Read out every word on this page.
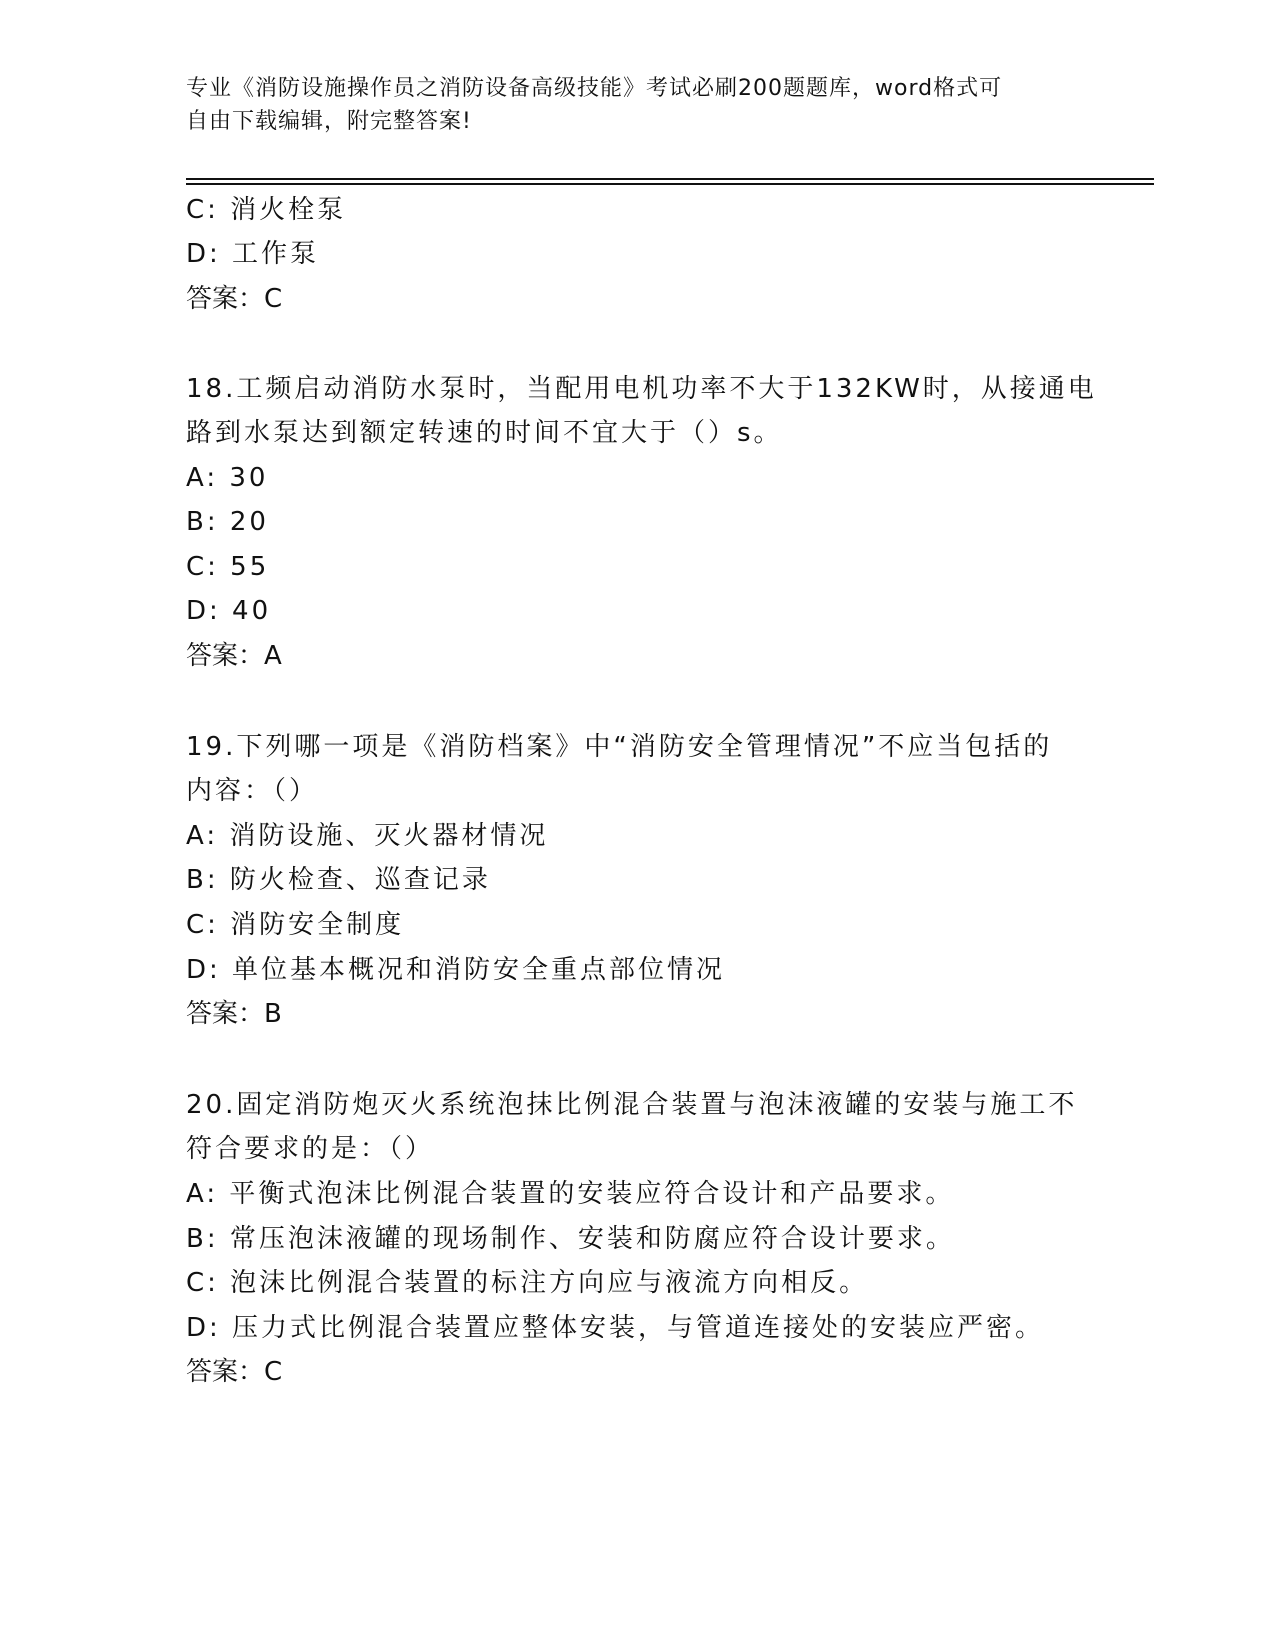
专业《消防设施操作员之消防设备高级技能》考试必刷200题题库，word格式可
自由下载编辑，附完整答案!
C: 消火栓泵
D: 工作泵
答案：C
18.工频启动消防水泵时，当配用电机功率不大于132KW时，从接通电
路到水泵达到额定转速的时间不宜大于（）s。
A: 30
B: 20
C: 55
D: 40
答案：A
19.下列哪一项是《消防档案》中“消防安全管理情况”不应当包括的
内容：（）
A: 消防设施、灭火器材情况
B: 防火检查、巡查记录
C: 消防安全制度
D: 单位基本概况和消防安全重点部位情况
答案：B
20.固定消防炮灭火系统泡抹比例混合装置与泡沫液罐的安装与施工不
符合要求的是：（）
A: 平衡式泡沫比例混合装置的安装应符合设计和产品要求。
B: 常压泡沫液罐的现场制作、安装和防腐应符合设计要求。
C: 泡沫比例混合装置的标注方向应与液流方向相反。
D: 压力式比例混合装置应整体安装，与管道连接处的安装应严密。
答案：C
